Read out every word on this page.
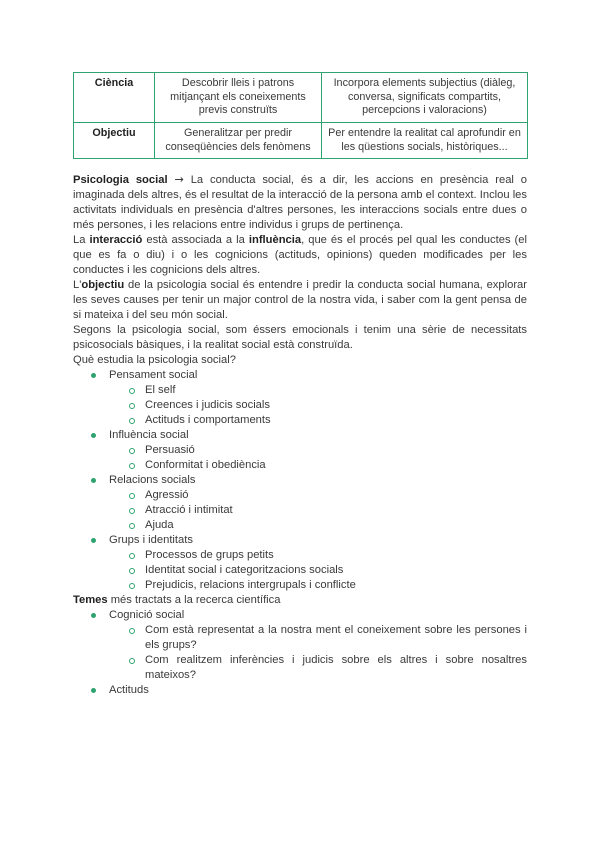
Ciència	Descobrir lleis i patrons mitjançant els coneixements previs construïts	Incorpora elements subjectius (diàleg, conversa, significats compartits, percepcions i valoracions)
Objectiu	Generalitzar per predir conseqüències dels fenòmens	Per entendre la realitat cal aprofundir en les qüestions socials, històriques...

Psicologia social → La conducta social, és a dir, les accions en presència real o imaginada dels altres, és el resultat de la interacció de la persona amb el context. Inclou les activitats individuals en presència d'altres persones, les interaccions socials entre dues o més persones, i les relacions entre individus i grups de pertinença.

La interacció està associada a la influència, que és el procés pel qual les conductes (el que es fa o diu) i o les cognicions (actituds, opinions) queden modificades per les conductes i les cognicions dels altres.

L'objectiu de la psicologia social és entendre i predir la conducta social humana, explorar les seves causes per tenir un major control de la nostra vida, i saber com la gent pensa de si mateixa i del seu món social.

Segons la psicologia social, som éssers emocionals i tenim una sèrie de necessitats psicosocials bàsiques, i la realitat social està construïda.

Què estudia la psicologia social?

Pensament social
El self
Creences i judicis socials
Actituds i comportaments
Influència social
Persuasió
Conformitat i obediència
Relacions socials
Agressió
Atracció i intimitat
Ajuda
Grups i identitats
Processos de grups petits
Identitat social i categoritzacions socials
Prejudicis, relacions intergrupals i conflicte

Temes més tractats a la recerca científica

Cognició social
Com està representat a la nostra ment el coneixement sobre les persones i els grups?
Com realitzem inferències i judicis sobre els altres i sobre nosaltres mateixos?
Actituds
